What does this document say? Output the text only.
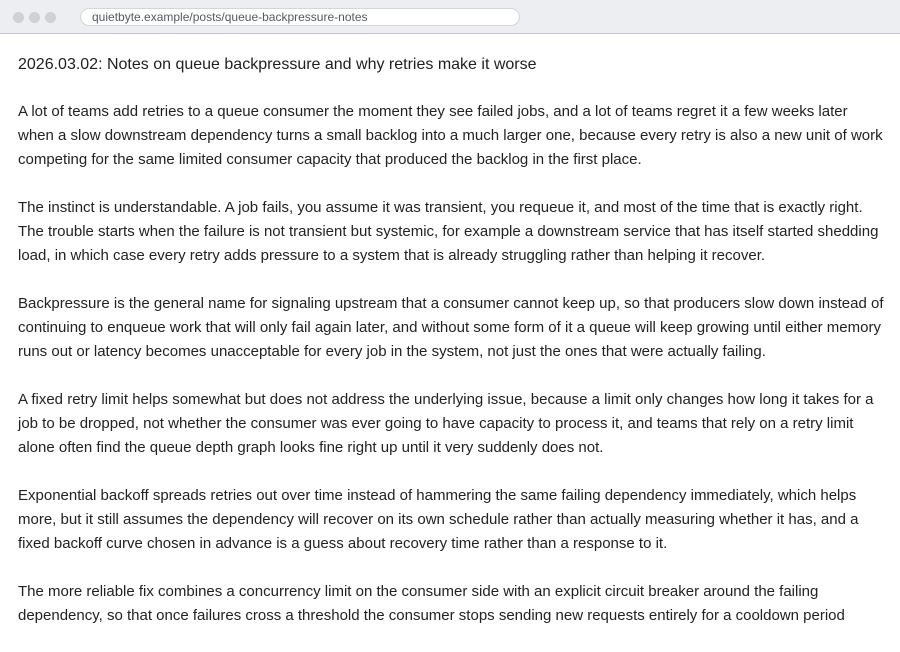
quietbyte.example/posts/queue-backpressure-notes
2026.03.02: Notes on queue backpressure and why retries make it worse

A lot of teams add retries to a queue consumer the moment they see failed jobs, and a lot of teams regret it a few weeks later when a slow downstream dependency turns a small backlog into a much larger one, because every retry is also a new unit of work competing for the same limited consumer capacity that produced the backlog in the first place.

The instinct is understandable. A job fails, you assume it was transient, you requeue it, and most of the time that is exactly right. The trouble starts when the failure is not transient but systemic, for example a downstream service that has itself started shedding load, in which case every retry adds pressure to a system that is already struggling rather than helping it recover.

Backpressure is the general name for signaling upstream that a consumer cannot keep up, so that producers slow down instead of continuing to enqueue work that will only fail again later, and without some form of it a queue will keep growing until either memory runs out or latency becomes unacceptable for every job in the system, not just the ones that were actually failing.

A fixed retry limit helps somewhat but does not address the underlying issue, because a limit only changes how long it takes for a job to be dropped, not whether the consumer was ever going to have capacity to process it, and teams that rely on a retry limit alone often find the queue depth graph looks fine right up until it very suddenly does not.

Exponential backoff spreads retries out over time instead of hammering the same failing dependency immediately, which helps more, but it still assumes the dependency will recover on its own schedule rather than actually measuring whether it has, and a fixed backoff curve chosen in advance is a guess about recovery time rather than a response to it.

The more reliable fix combines a concurrency limit on the consumer side with an explicit circuit breaker around the failing dependency, so that once failures cross a threshold the consumer stops sending new requests entirely for a cooldown period
